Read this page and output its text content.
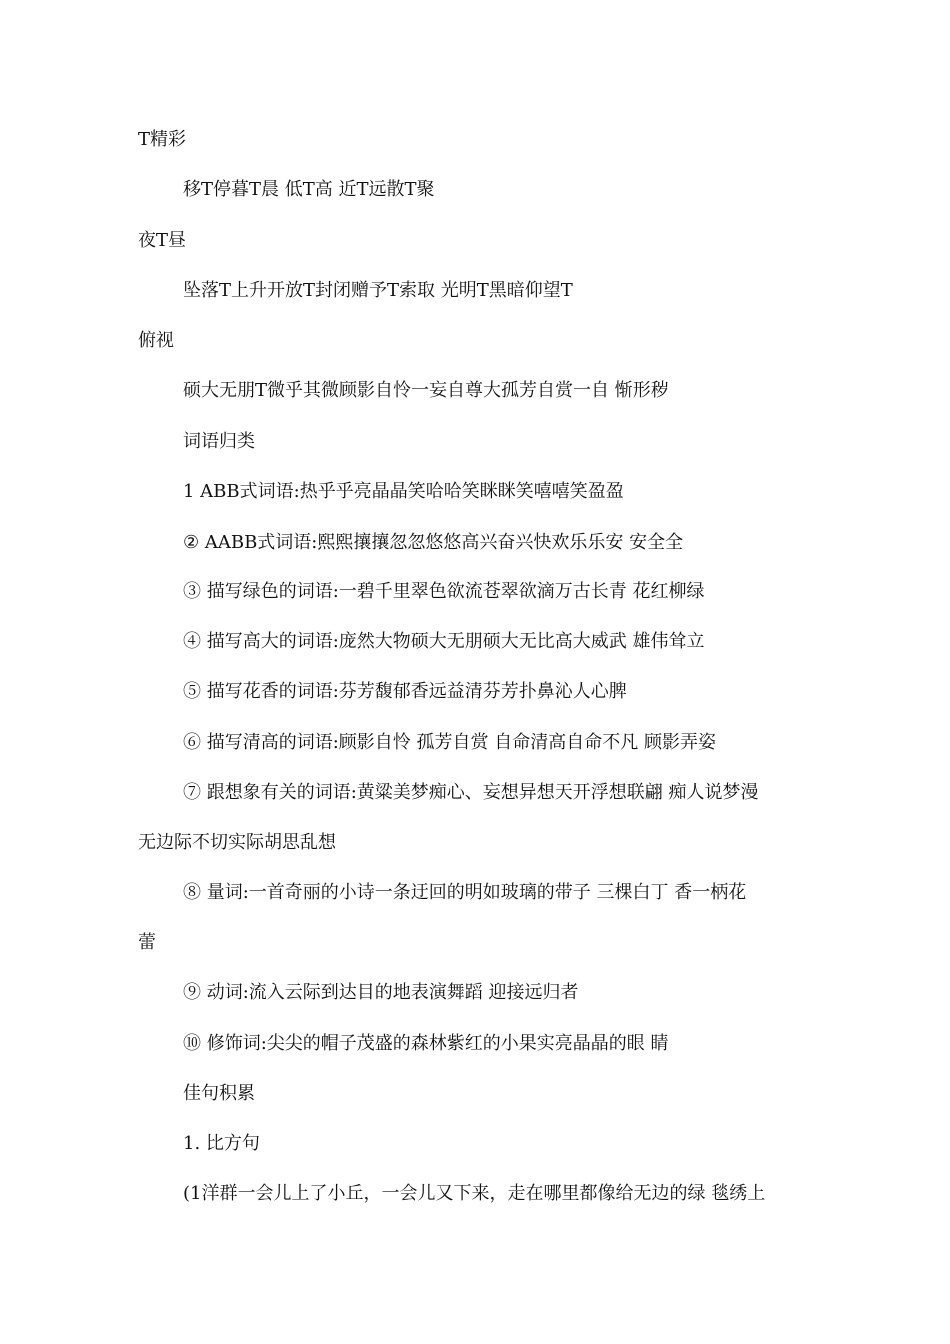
T精彩
移T停暮T晨 低T高 近T远散T聚
夜T昼
坠落T上升开放T封闭赠予T索取 光明T黑暗仰望T
俯视
硕大无朋T微乎其微顾影自怜一妄自尊大孤芳自赏一自 惭形秽
词语归类
1 ABB式词语:热乎乎亮晶晶笑哈哈笑眯眯笑嘻嘻笑盈盈
② AABB式词语:熙熙攘攘忽忽悠悠高兴奋兴快欢乐乐安 安全全
③ 描写绿色的词语:一碧千里翠色欲流苍翠欲滴万古长青 花红柳绿
④ 描写高大的词语:庞然大物硕大无朋硕大无比高大威武 雄伟耸立
⑤ 描写花香的词语:芬芳馥郁香远益清芬芳扑鼻沁人心脾
⑥ 描写清高的词语:顾影自怜 孤芳自赏 自命清高自命不凡 顾影弄姿
⑦ 跟想象有关的词语:黄粱美梦痴心、妄想异想天开浮想联翩 痴人说梦漫
无边际不切实际胡思乱想
⑧ 量词:一首奇丽的小诗一条迂回的明如玻璃的带子 三棵白丁 香一柄花
蕾
⑨ 动词:流入云际到达目的地表演舞蹈 迎接远归者
⑩ 修饰词:尖尖的帽子茂盛的森林紫红的小果实亮晶晶的眼 睛
佳句积累
1. 比方句
(1洋群一会儿上了小丘，一会儿又下来，走在哪里都像给无边的绿 毯绣上
